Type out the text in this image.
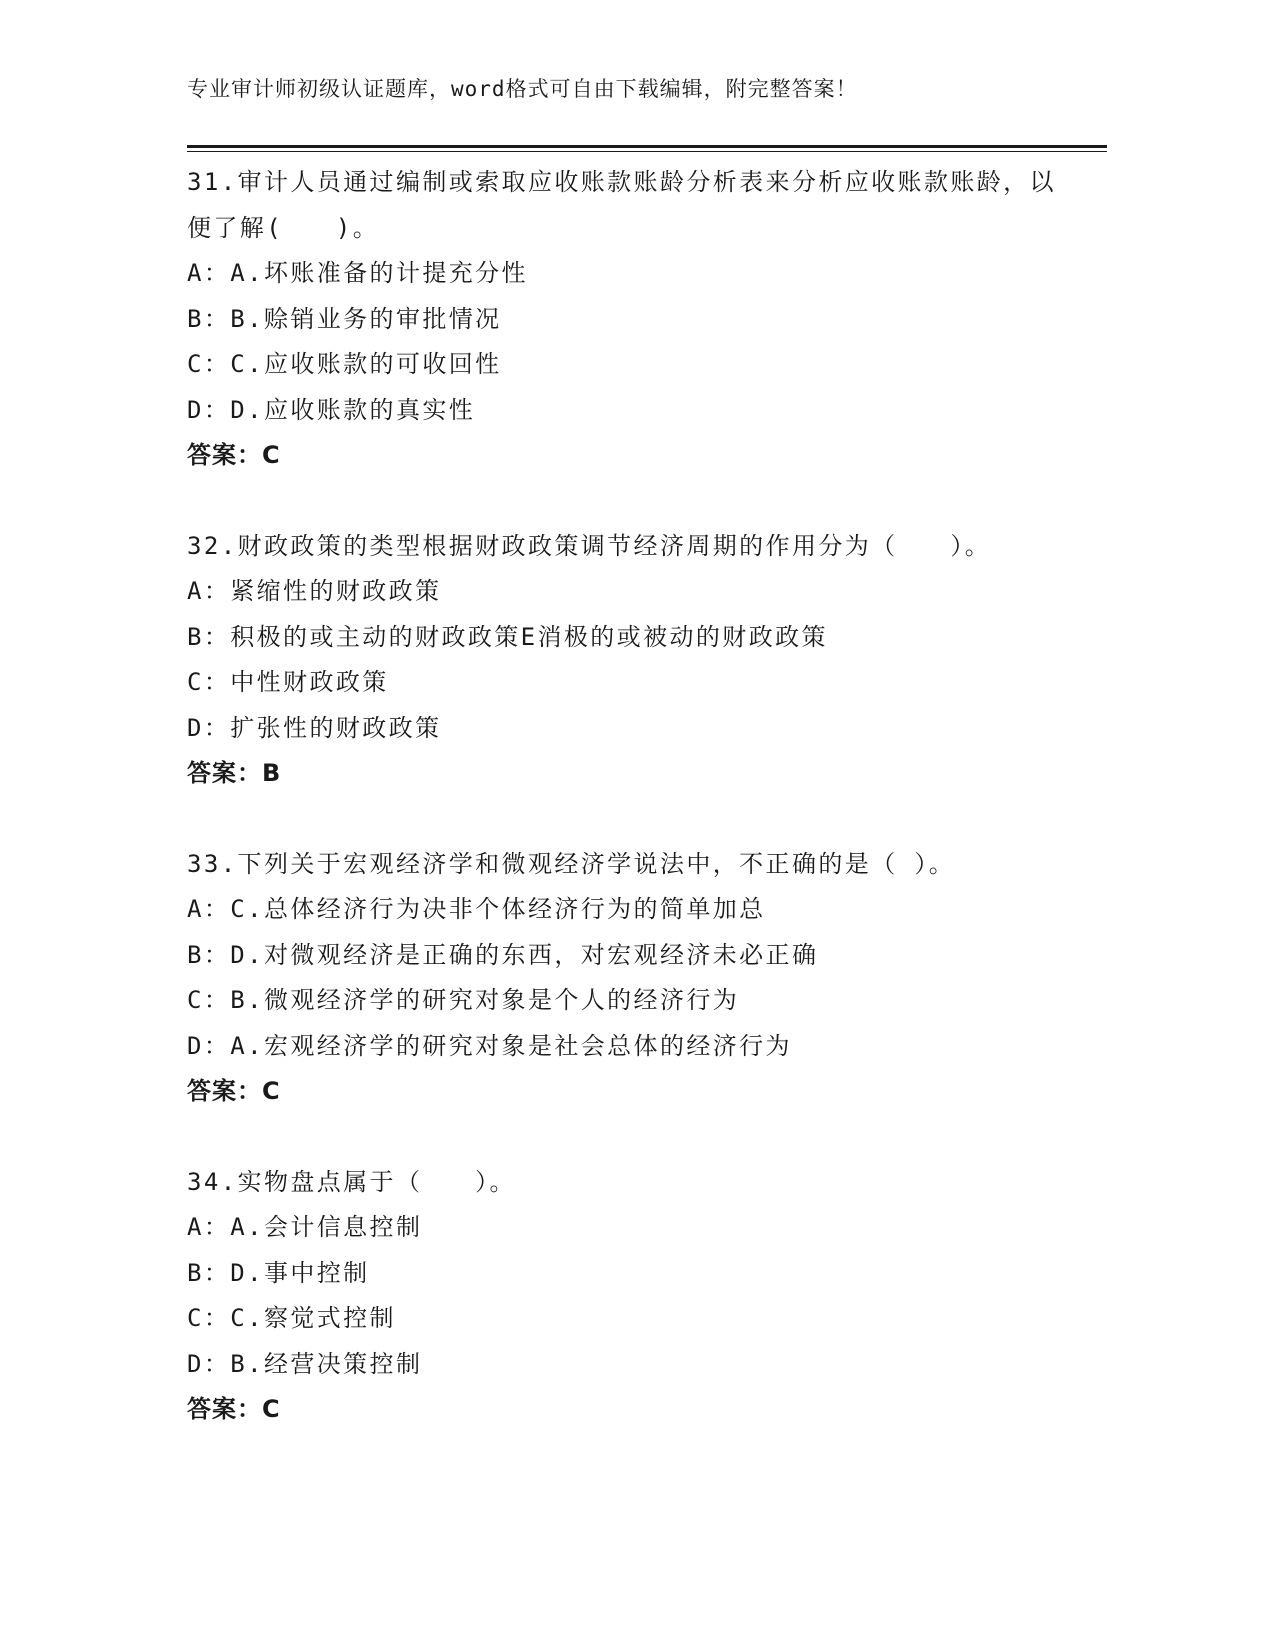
专业审计师初级认证题库，word格式可自由下载编辑，附完整答案！
31.审计人员通过编制或索取应收账款账龄分析表来分析应收账款账龄，以便了解(　　)。
A：A.坏账准备的计提充分性
B：B.赊销业务的审批情况
C：C.应收账款的可收回性
D：D.应收账款的真实性
答案：C
32.财政政策的类型根据财政政策调节经济周期的作用分为（　　）。
A：紧缩性的财政政策
B：积极的或主动的财政政策E消极的或被动的财政政策
C：中性财政政策
D：扩张性的财政政策
答案：B
33.下列关于宏观经济学和微观经济学说法中，不正确的是（ ）。
A：C.总体经济行为决非个体经济行为的简单加总
B：D.对微观经济是正确的东西，对宏观经济未必正确
C：B.微观经济学的研究对象是个人的经济行为
D：A.宏观经济学的研究对象是社会总体的经济行为
答案：C
34.实物盘点属于（　　）。
A：A.会计信息控制
B：D.事中控制
C：C.察觉式控制
D：B.经营决策控制
答案：C
